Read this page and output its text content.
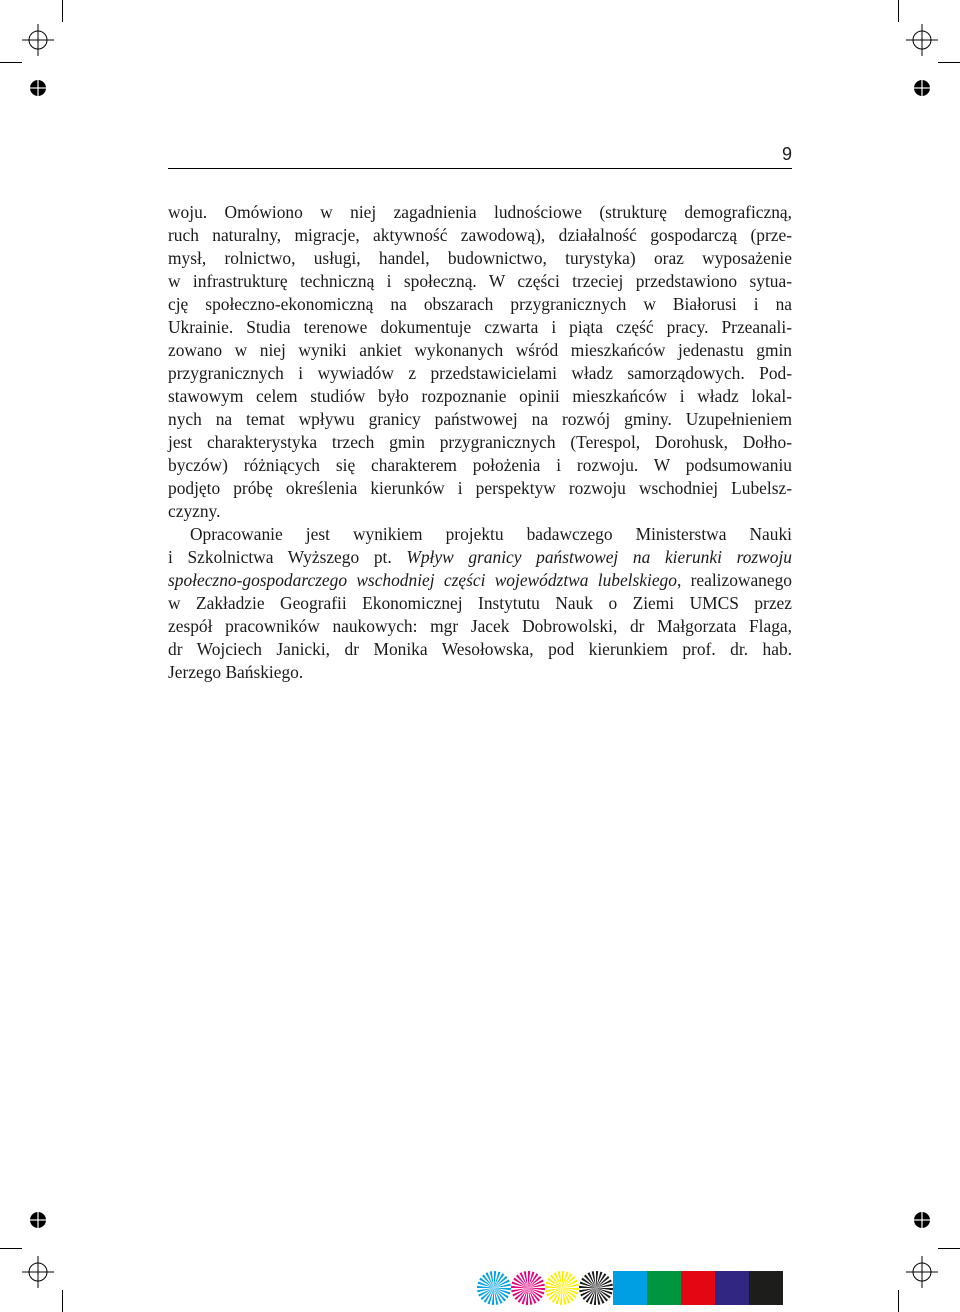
9

woju. Omówiono w niej zagadnienia ludnościowe (strukturę demograficzną,
ruch naturalny, migracje, aktywność zawodową), działalność gospodarczą (prze-
mysł, rolnictwo, usługi, handel, budownictwo, turystyka) oraz wyposażenie
w infrastrukturę techniczną i społeczną. W części trzeciej przedstawiono sytua-
cję społeczno-ekonomiczną na obszarach przygranicznych w Białorusi i na
Ukrainie. Studia terenowe dokumentuje czwarta i piąta część pracy. Przeanali-
zowano w niej wyniki ankiet wykonanych wśród mieszkańców jedenastu gmin
przygranicznych i wywiadów z przedstawicielami władz samorządowych. Pod-
stawowym celem studiów było rozpoznanie opinii mieszkańców i władz lokal-
nych na temat wpływu granicy państwowej na rozwój gminy. Uzupełnieniem
jest charakterystyka trzech gmin przygranicznych (Terespol, Dorohusk, Dołho-
byczów) różniących się charakterem położenia i rozwoju. W podsumowaniu
podjęto próbę określenia kierunków i perspektyw rozwoju wschodniej Lubelsz-
czyzny.

Opracowanie jest wynikiem projektu badawczego Ministerstwa Nauki
i Szkolnictwa Wyższego pt. Wpływ granicy państwowej na kierunki rozwoju
społeczno-gospodarczego wschodniej części województwa lubelskiego, realizowanego
w Zakładzie Geografii Ekonomicznej Instytutu Nauk o Ziemi UMCS przez
zespół pracowników naukowych: mgr Jacek Dobrowolski, dr Małgorzata Flaga,
dr Wojciech Janicki, dr Monika Wesołowska, pod kierunkiem prof. dr. hab.
Jerzego Bańskiego.
